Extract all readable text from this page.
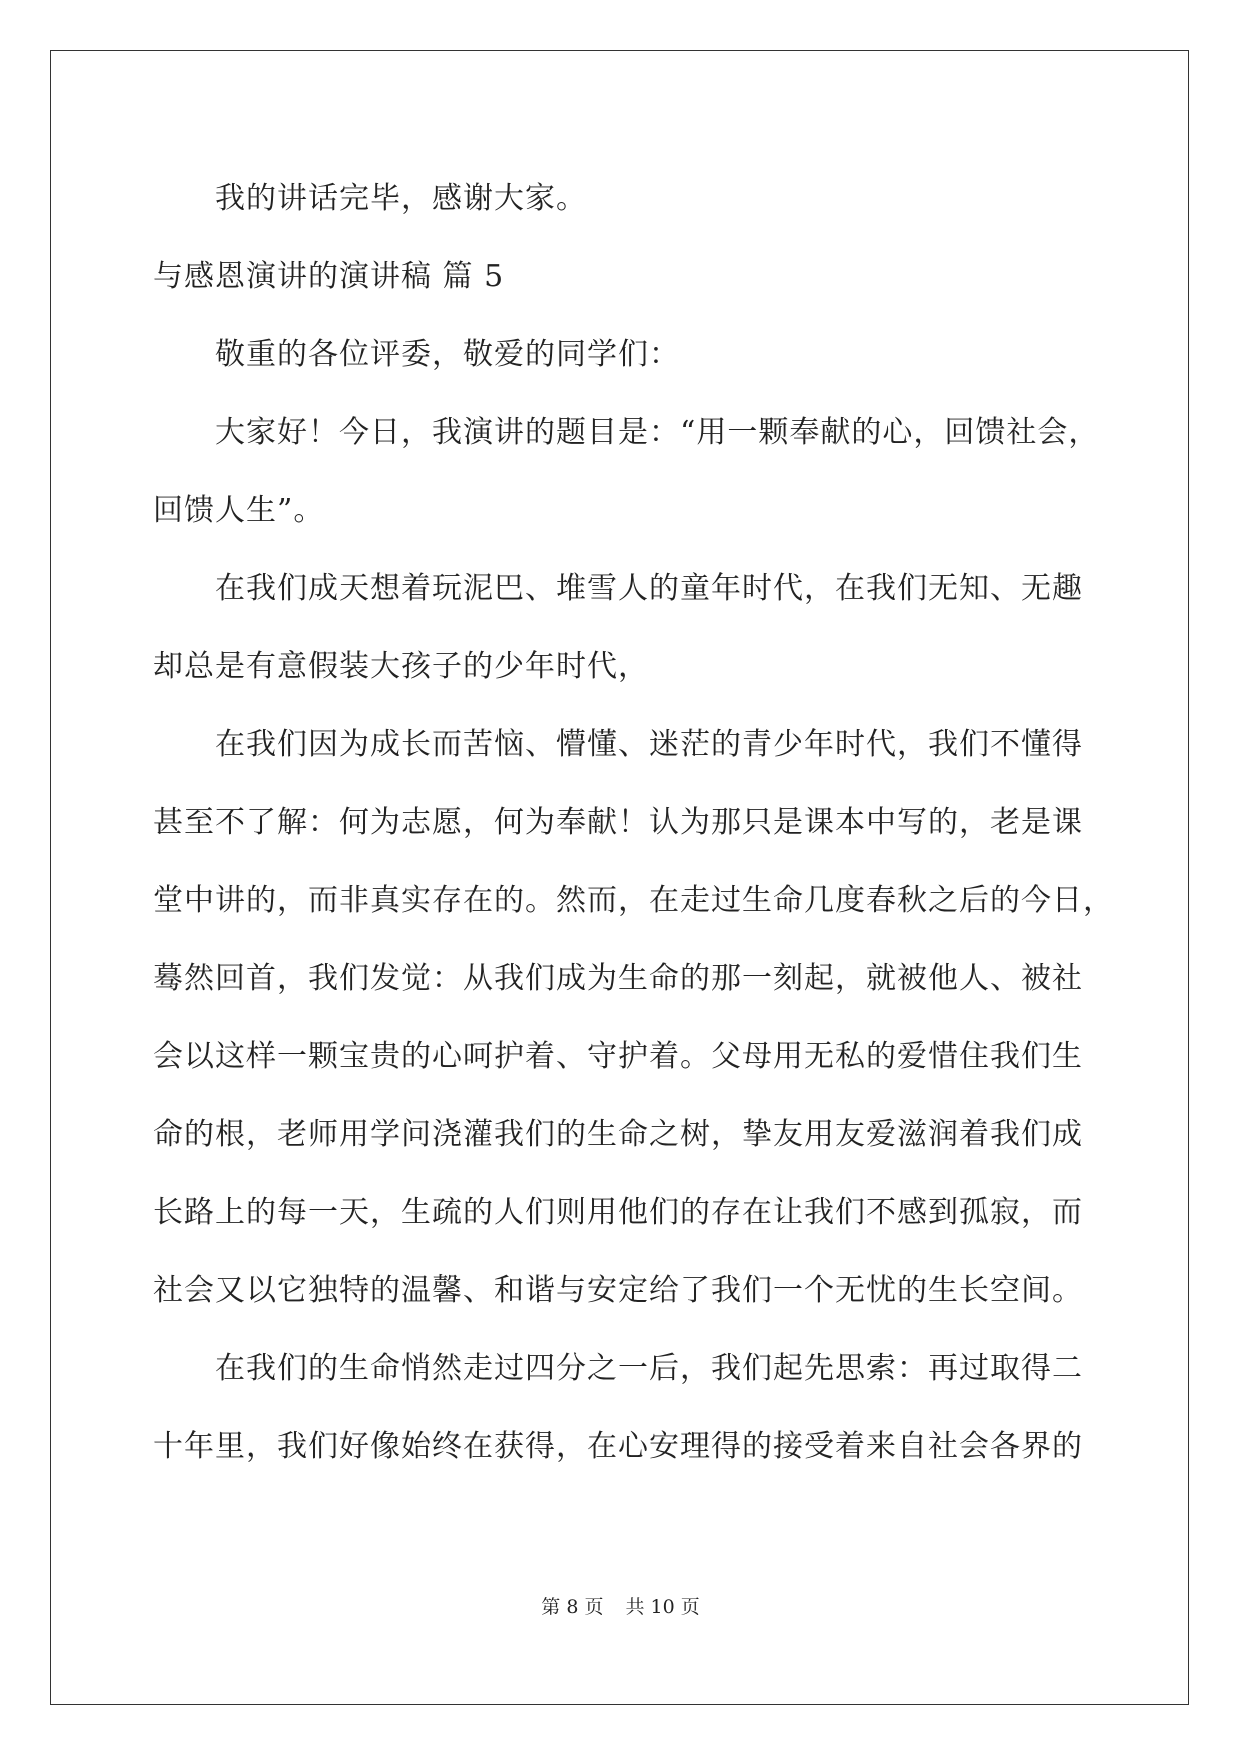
我的讲话完毕，感谢大家。

与感恩演讲的演讲稿 篇 5

敬重的各位评委，敬爱的同学们：

大家好！今日，我演讲的题目是：“用一颗奉献的心，回馈社会，

回馈人生”。

在我们成天想着玩泥巴、堆雪人的童年时代，在我们无知、无趣

却总是有意假装大孩子的少年时代，

在我们因为成长而苦恼、懵懂、迷茫的青少年时代，我们不懂得

甚至不了解：何为志愿，何为奉献！认为那只是课本中写的，老是课

堂中讲的，而非真实存在的。然而，在走过生命几度春秋之后的今日，

蓦然回首，我们发觉：从我们成为生命的那一刻起，就被他人、被社

会以这样一颗宝贵的心呵护着、守护着。父母用无私的爱惜住我们生

命的根，老师用学问浇灌我们的生命之树，挚友用友爱滋润着我们成

长路上的每一天，生疏的人们则用他们的存在让我们不感到孤寂，而

社会又以它独特的温馨、和谐与安定给了我们一个无忧的生长空间。

在我们的生命悄然走过四分之一后，我们起先思索：再过取得二

十年里，我们好像始终在获得，在心安理得的接受着来自社会各界的

第 8 页 共 10 页
